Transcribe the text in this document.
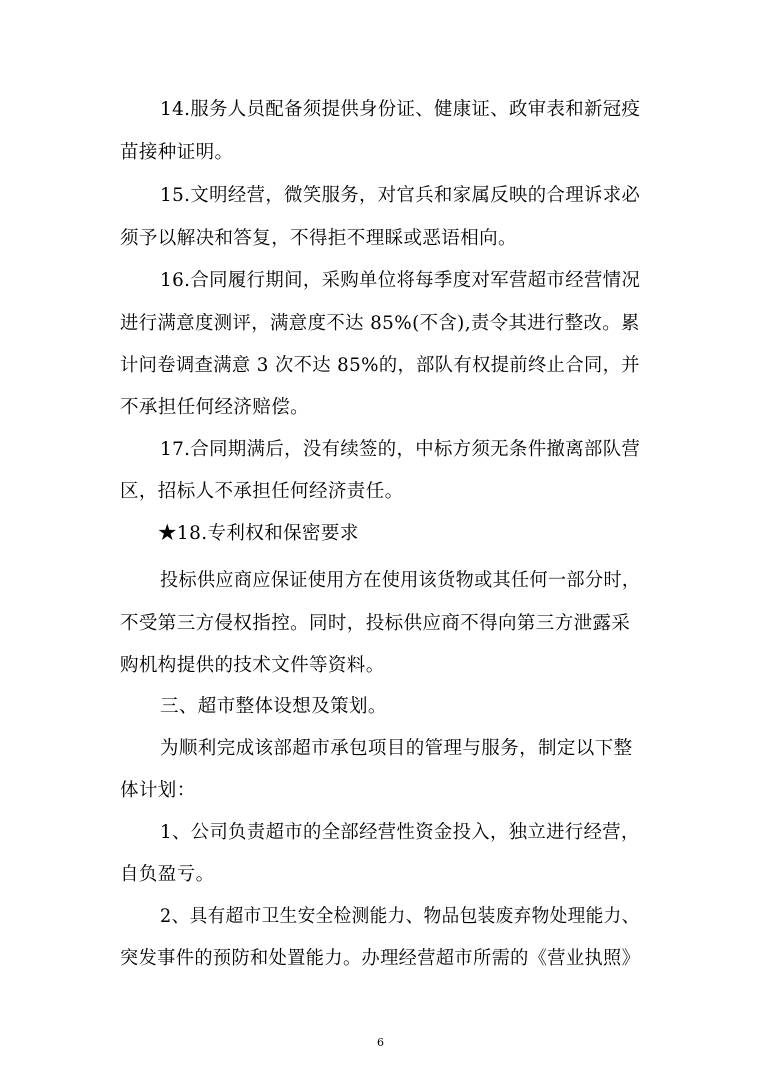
14.服务人员配备须提供身份证、健康证、政审表和新冠疫
苗接种证明。
15.文明经营，微笑服务，对官兵和家属反映的合理诉求必
须予以解决和答复，不得拒不理睬或恶语相向。
16.合同履行期间，采购单位将每季度对军营超市经营情况
进行满意度测评，满意度不达 85%(不含),责令其进行整改。累
计问卷调查满意 3 次不达 85%的，部队有权提前终止合同，并
不承担任何经济赔偿。
17.合同期满后，没有续签的，中标方须无条件撤离部队营
区，招标人不承担任何经济责任。
★18.专利权和保密要求
投标供应商应保证使用方在使用该货物或其任何一部分时，
不受第三方侵权指控。同时，投标供应商不得向第三方泄露采
购机构提供的技术文件等资料。
三、超市整体设想及策划。
为顺利完成该部超市承包项目的管理与服务，制定以下整
体计划：
1、公司负责超市的全部经营性资金投入，独立进行经营，
自负盈亏。
2、具有超市卫生安全检测能力、物品包装废弃物处理能力、
突发事件的预防和处置能力。办理经营超市所需的《营业执照》
6
